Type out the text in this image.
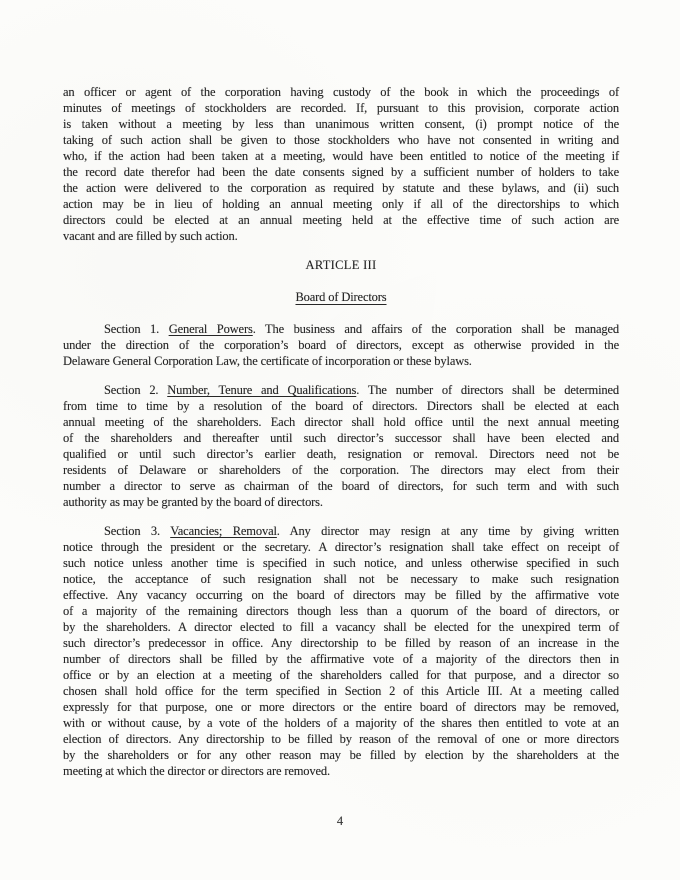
an officer or agent of the corporation having custody of the book in which the proceedings of
minutes of meetings of stockholders are recorded. If, pursuant to this provision, corporate action
is taken without a meeting by less than unanimous written consent, (i) prompt notice of the
taking of such action shall be given to those stockholders who have not consented in writing and
who, if the action had been taken at a meeting, would have been entitled to notice of the meeting if
the record date therefor had been the date consents signed by a sufficient number of holders to take
the action were delivered to the corporation as required by statute and these bylaws, and (ii) such
action may be in lieu of holding an annual meeting only if all of the directorships to which
directors could be elected at an annual meeting held at the effective time of such action are
vacant and are filled by such action.
ARTICLE III
Board of Directors
Section 1. General Powers. The business and affairs of the corporation shall be managed
under the direction of the corporation’s board of directors, except as otherwise provided in the
Delaware General Corporation Law, the certificate of incorporation or these bylaws.
Section 2. Number, Tenure and Qualifications. The number of directors shall be determined
from time to time by a resolution of the board of directors. Directors shall be elected at each
annual meeting of the shareholders. Each director shall hold office until the next annual meeting
of the shareholders and thereafter until such director’s successor shall have been elected and
qualified or until such director’s earlier death, resignation or removal. Directors need not be
residents of Delaware or shareholders of the corporation. The directors may elect from their
number a director to serve as chairman of the board of directors, for such term and with such
authority as may be granted by the board of directors.
Section 3. Vacancies; Removal. Any director may resign at any time by giving written
notice through the president or the secretary. A director’s resignation shall take effect on receipt of
such notice unless another time is specified in such notice, and unless otherwise specified in such
notice, the acceptance of such resignation shall not be necessary to make such resignation
effective. Any vacancy occurring on the board of directors may be filled by the affirmative vote
of a majority of the remaining directors though less than a quorum of the board of directors, or
by the shareholders. A director elected to fill a vacancy shall be elected for the unexpired term of
such director’s predecessor in office. Any directorship to be filled by reason of an increase in the
number of directors shall be filled by the affirmative vote of a majority of the directors then in
office or by an election at a meeting of the shareholders called for that purpose, and a director so
chosen shall hold office for the term specified in Section 2 of this Article III. At a meeting called
expressly for that purpose, one or more directors or the entire board of directors may be removed,
with or without cause, by a vote of the holders of a majority of the shares then entitled to vote at an
election of directors. Any directorship to be filled by reason of the removal of one or more directors
by the shareholders or for any other reason may be filled by election by the shareholders at the
meeting at which the director or directors are removed.
4
